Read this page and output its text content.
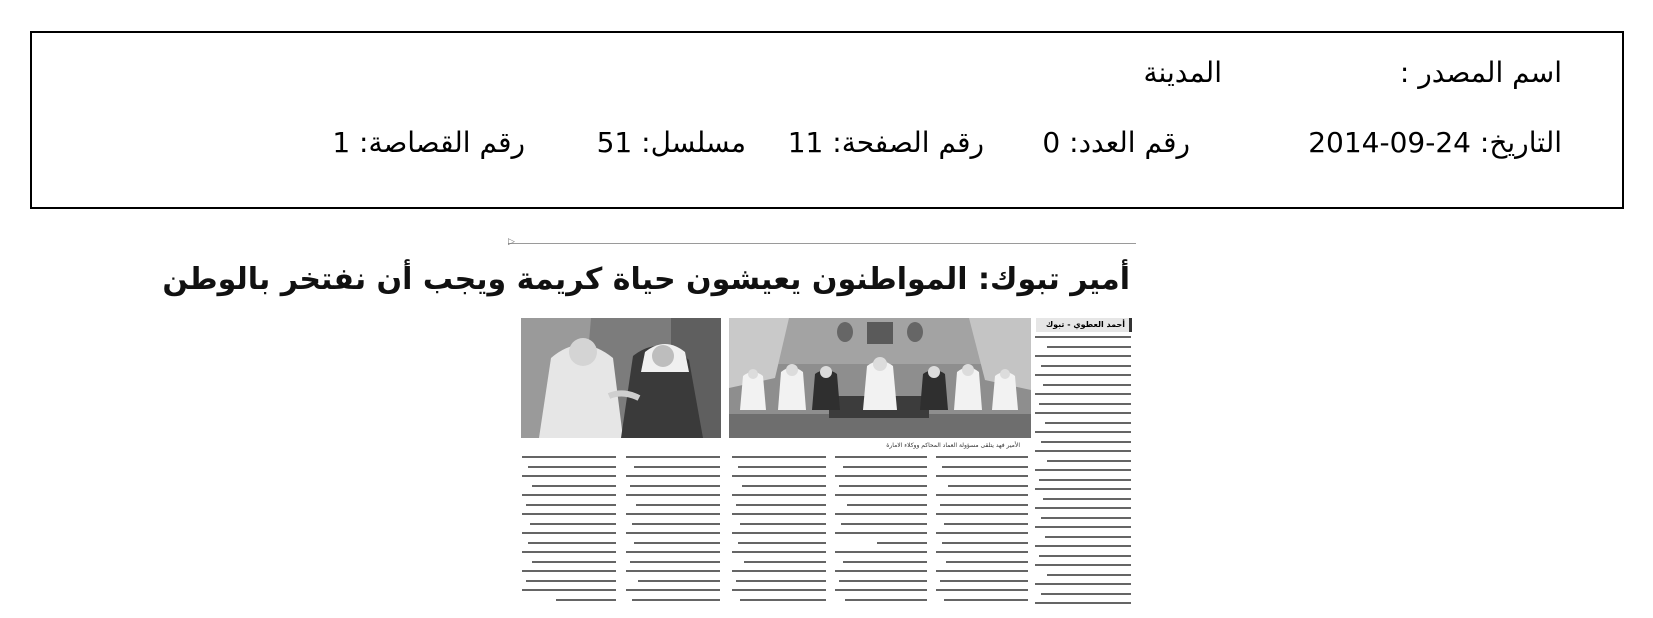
اسم المصدر :
المدينة
التاريخ: 24-09-2014
رقم العدد: 0
رقم الصفحة: 11
مسلسل: 51
رقم القصاصة: 1
▷
أمير تبوك: المواطنون يعيشون حياة كريمة ويجب أن نفتخر بالوطن
الأمير فهد يتلقى مسؤولة العماد المحاكم ووكلاء الامارة
أحمد العطوي - تبوك
